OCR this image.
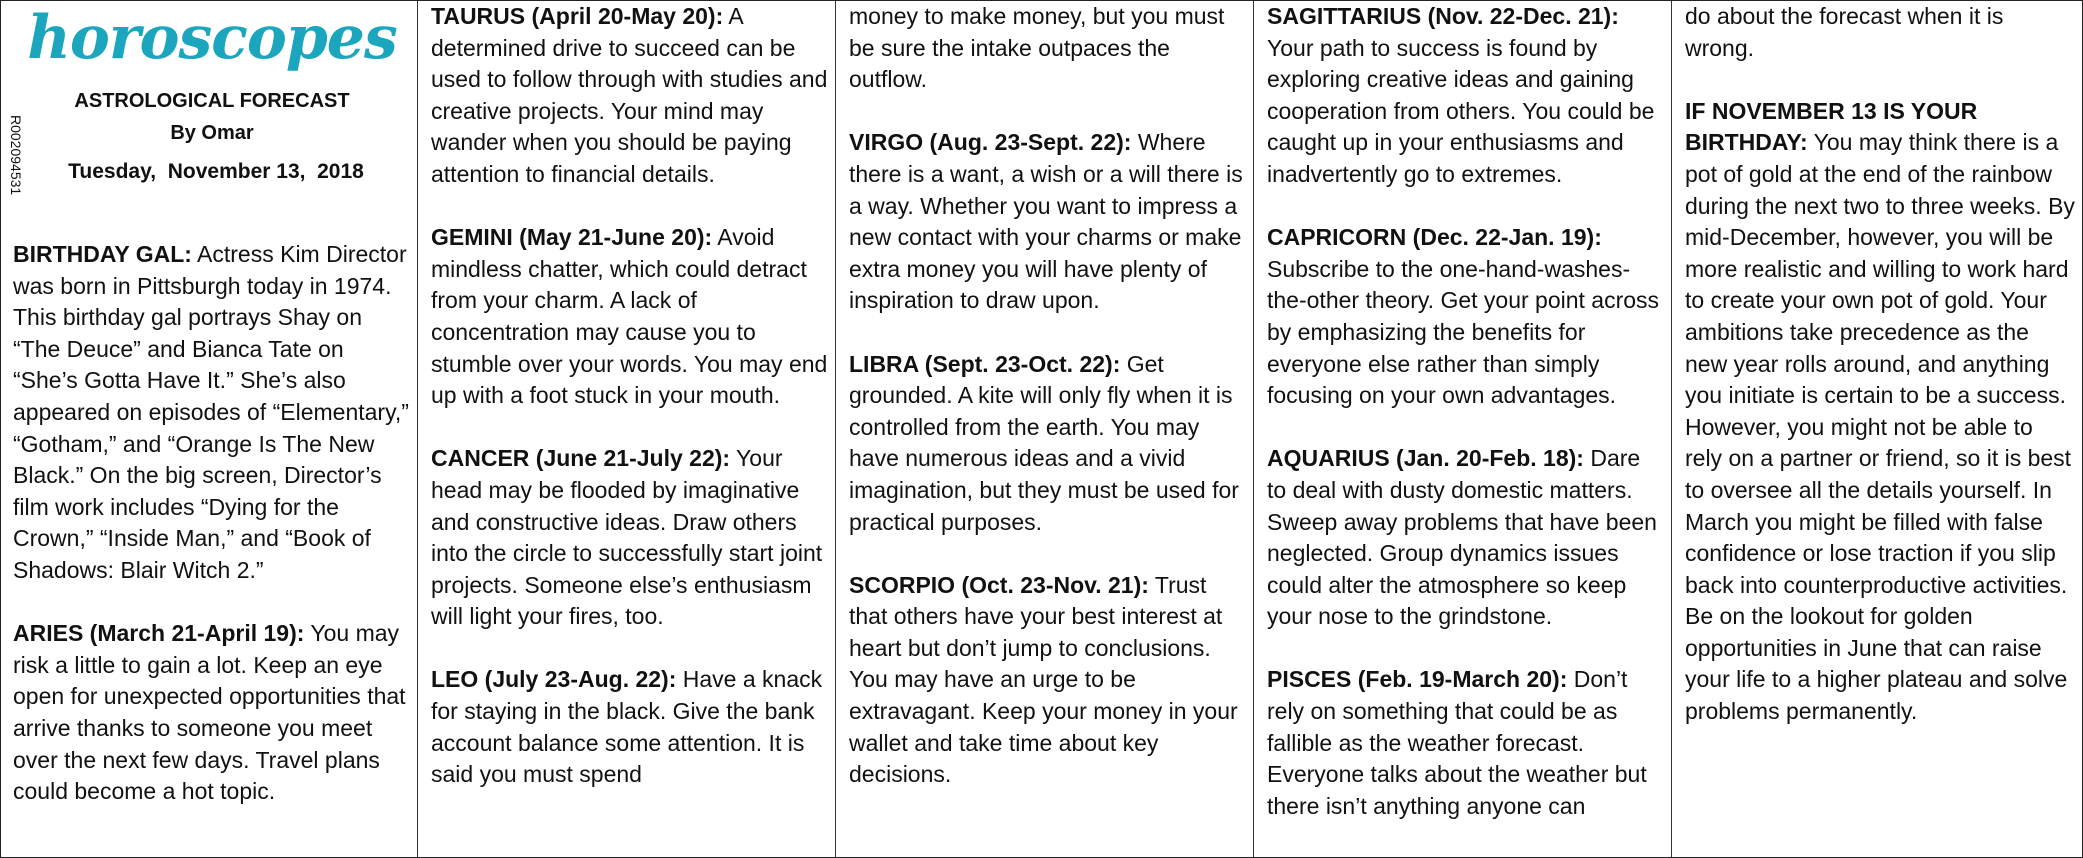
horoscopes

ASTROLOGICAL FORECAST

By Omar

Tuesday,  November 13,  2018

R002094531

BIRTHDAY GAL: Actress Kim Director was born in Pittsburgh today in 1974. This birthday gal portrays Shay on “The Deuce” and Bianca Tate on “She’s Gotta Have It.” She’s also appeared on episodes of “Elementary,” “Gotham,” and “Orange Is The New Black.” On the big screen, Director’s film work includes “Dying for the Crown,” “Inside Man,” and “Book of Shadows: Blair Witch 2.”

ARIES (March 21-April 19): You may risk a little to gain a lot. Keep an eye open for unexpected opportunities that arrive thanks to someone you meet over the next few days. Travel plans could become a hot topic.

TAURUS (April 20-May 20): A determined drive to succeed can be used to follow through with studies and creative projects. Your mind may wander when you should be paying attention to financial details.

GEMINI (May 21-June 20): Avoid mindless chatter, which could detract from your charm. A lack of concentration may cause you to stumble over your words. You may end up with a foot stuck in your mouth.

CANCER (June 21-July 22): Your head may be flooded by imaginative and constructive ideas. Draw others into the circle to successfully start joint projects. Someone else’s enthusiasm will light your fires, too.

LEO (July 23-Aug. 22): Have a knack for staying in the black. Give the bank account balance some attention. It is said you must spend

money to make money, but you must be sure the intake outpaces the outflow.

VIRGO (Aug. 23-Sept. 22): Where there is a want, a wish or a will there is a way. Whether you want to impress a new contact with your charms or make extra money you will have plenty of inspiration to draw upon.

LIBRA (Sept. 23-Oct. 22): Get grounded. A kite will only fly when it is controlled from the earth. You may have numerous ideas and a vivid imagination, but they must be used for practical purposes.

SCORPIO (Oct. 23-Nov. 21): Trust that others have your best interest at heart but don’t jump to conclusions. You may have an urge to be extravagant. Keep your money in your wallet and take time about key decisions.

SAGITTARIUS (Nov. 22-Dec. 21): Your path to success is found by exploring creative ideas and gaining cooperation from others. You could be caught up in your enthusiasms and inadvertently go to extremes.

CAPRICORN (Dec. 22-Jan. 19): Subscribe to the one-hand-washes-the-other theory. Get your point across by emphasizing the benefits for everyone else rather than simply focusing on your own advantages.

AQUARIUS (Jan. 20-Feb. 18): Dare to deal with dusty domestic matters. Sweep away problems that have been neglected. Group dynamics issues could alter the atmosphere so keep your nose to the grindstone.

PISCES (Feb. 19-March 20): Don’t rely on something that could be as fallible as the weather forecast. Everyone talks about the weather but there isn’t anything anyone can

do about the forecast when it is wrong.

IF NOVEMBER 13 IS YOUR BIRTHDAY: You may think there is a pot of gold at the end of the rainbow during the next two to three weeks. By mid-December, however, you will be more realistic and willing to work hard to create your own pot of gold. Your ambitions take precedence as the new year rolls around, and anything you initiate is certain to be a success. However, you might not be able to rely on a partner or friend, so it is best to oversee all the details yourself. In March you might be filled with false confidence or lose traction if you slip back into counterproductive activities. Be on the lookout for golden opportunities in June that can raise your life to a higher plateau and solve problems permanently.
